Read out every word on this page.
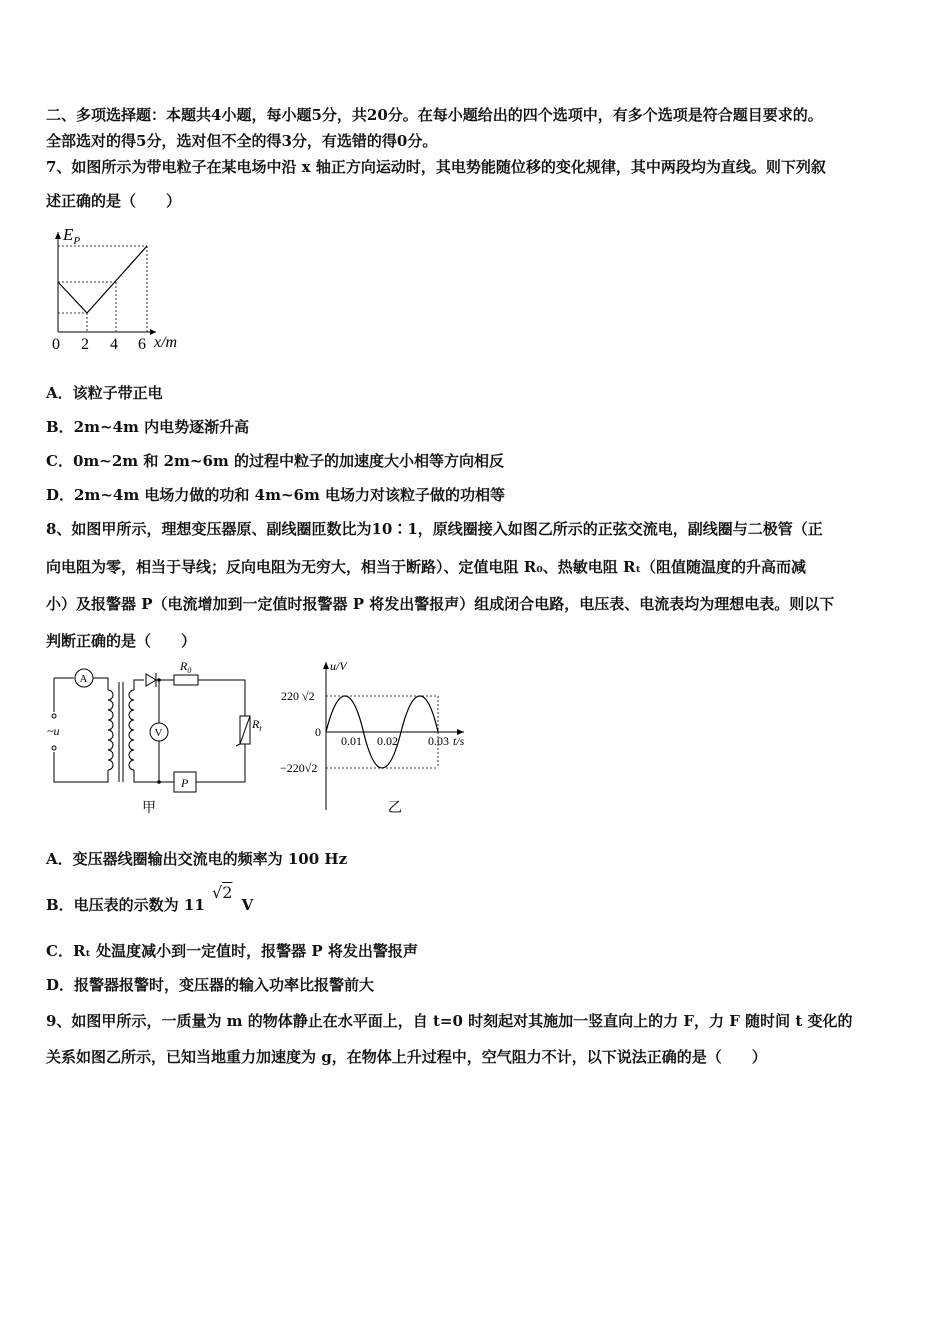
二、多项选择题：本题共4小题，每小题5分，共20分。在每小题给出的四个选项中，有多个选项是符合题目要求的。
全部选对的得5分，选对但不全的得3分，有选错的得0分。
7、如图所示为带电粒子在某电场中沿 x 轴正方向运动时，其电势能随位移的变化规律，其中两段均为直线。则下列叙
述正确的是（　　）
$E_P$
0 2 4 6 x/m
A．该粒子带正电
B．2m~4m 内电势逐渐升高
C．0m~2m 和 2m~6m 的过程中粒子的加速度大小相等方向相反
D．2m~4m 电场力做的功和 4m~6m 电场力对该粒子做的功相等
8、如图甲所示，理想变压器原、副线圈匝数比为10∶1，原线圈接入如图乙所示的正弦交流电，副线圈与二极管（正
向电阻为零，相当于导线；反向电阻为无穷大，相当于断路）、定值电阻 R₀、热敏电阻 Rₜ（阻值随温度的升高而减
小）及报警器 P（电流增加到一定值时报警器 P 将发出警报声）组成闭合电路，电压表、电流表均为理想电表。则以下
判断正确的是（　　）
A
~u
$R_0$
$R_t$
P
V
甲
u/V
220 √2
−220√2
0
0.01 0.02	0.03 t/s
乙
A．变压器线圈输出交流电的频率为 100 Hz
B．电压表的示数为 11 √2 V
C．Rₜ 处温度减小到一定值时，报警器 P 将发出警报声
D．报警器报警时，变压器的输入功率比报警前大
9、如图甲所示，一质量为 m 的物体静止在水平面上，自 t=0 时刻起对其施加一竖直向上的力 F，力 F 随时间 t 变化的
关系如图乙所示，已知当地重力加速度为 g，在物体上升过程中，空气阻力不计，以下说法正确的是（　　）
